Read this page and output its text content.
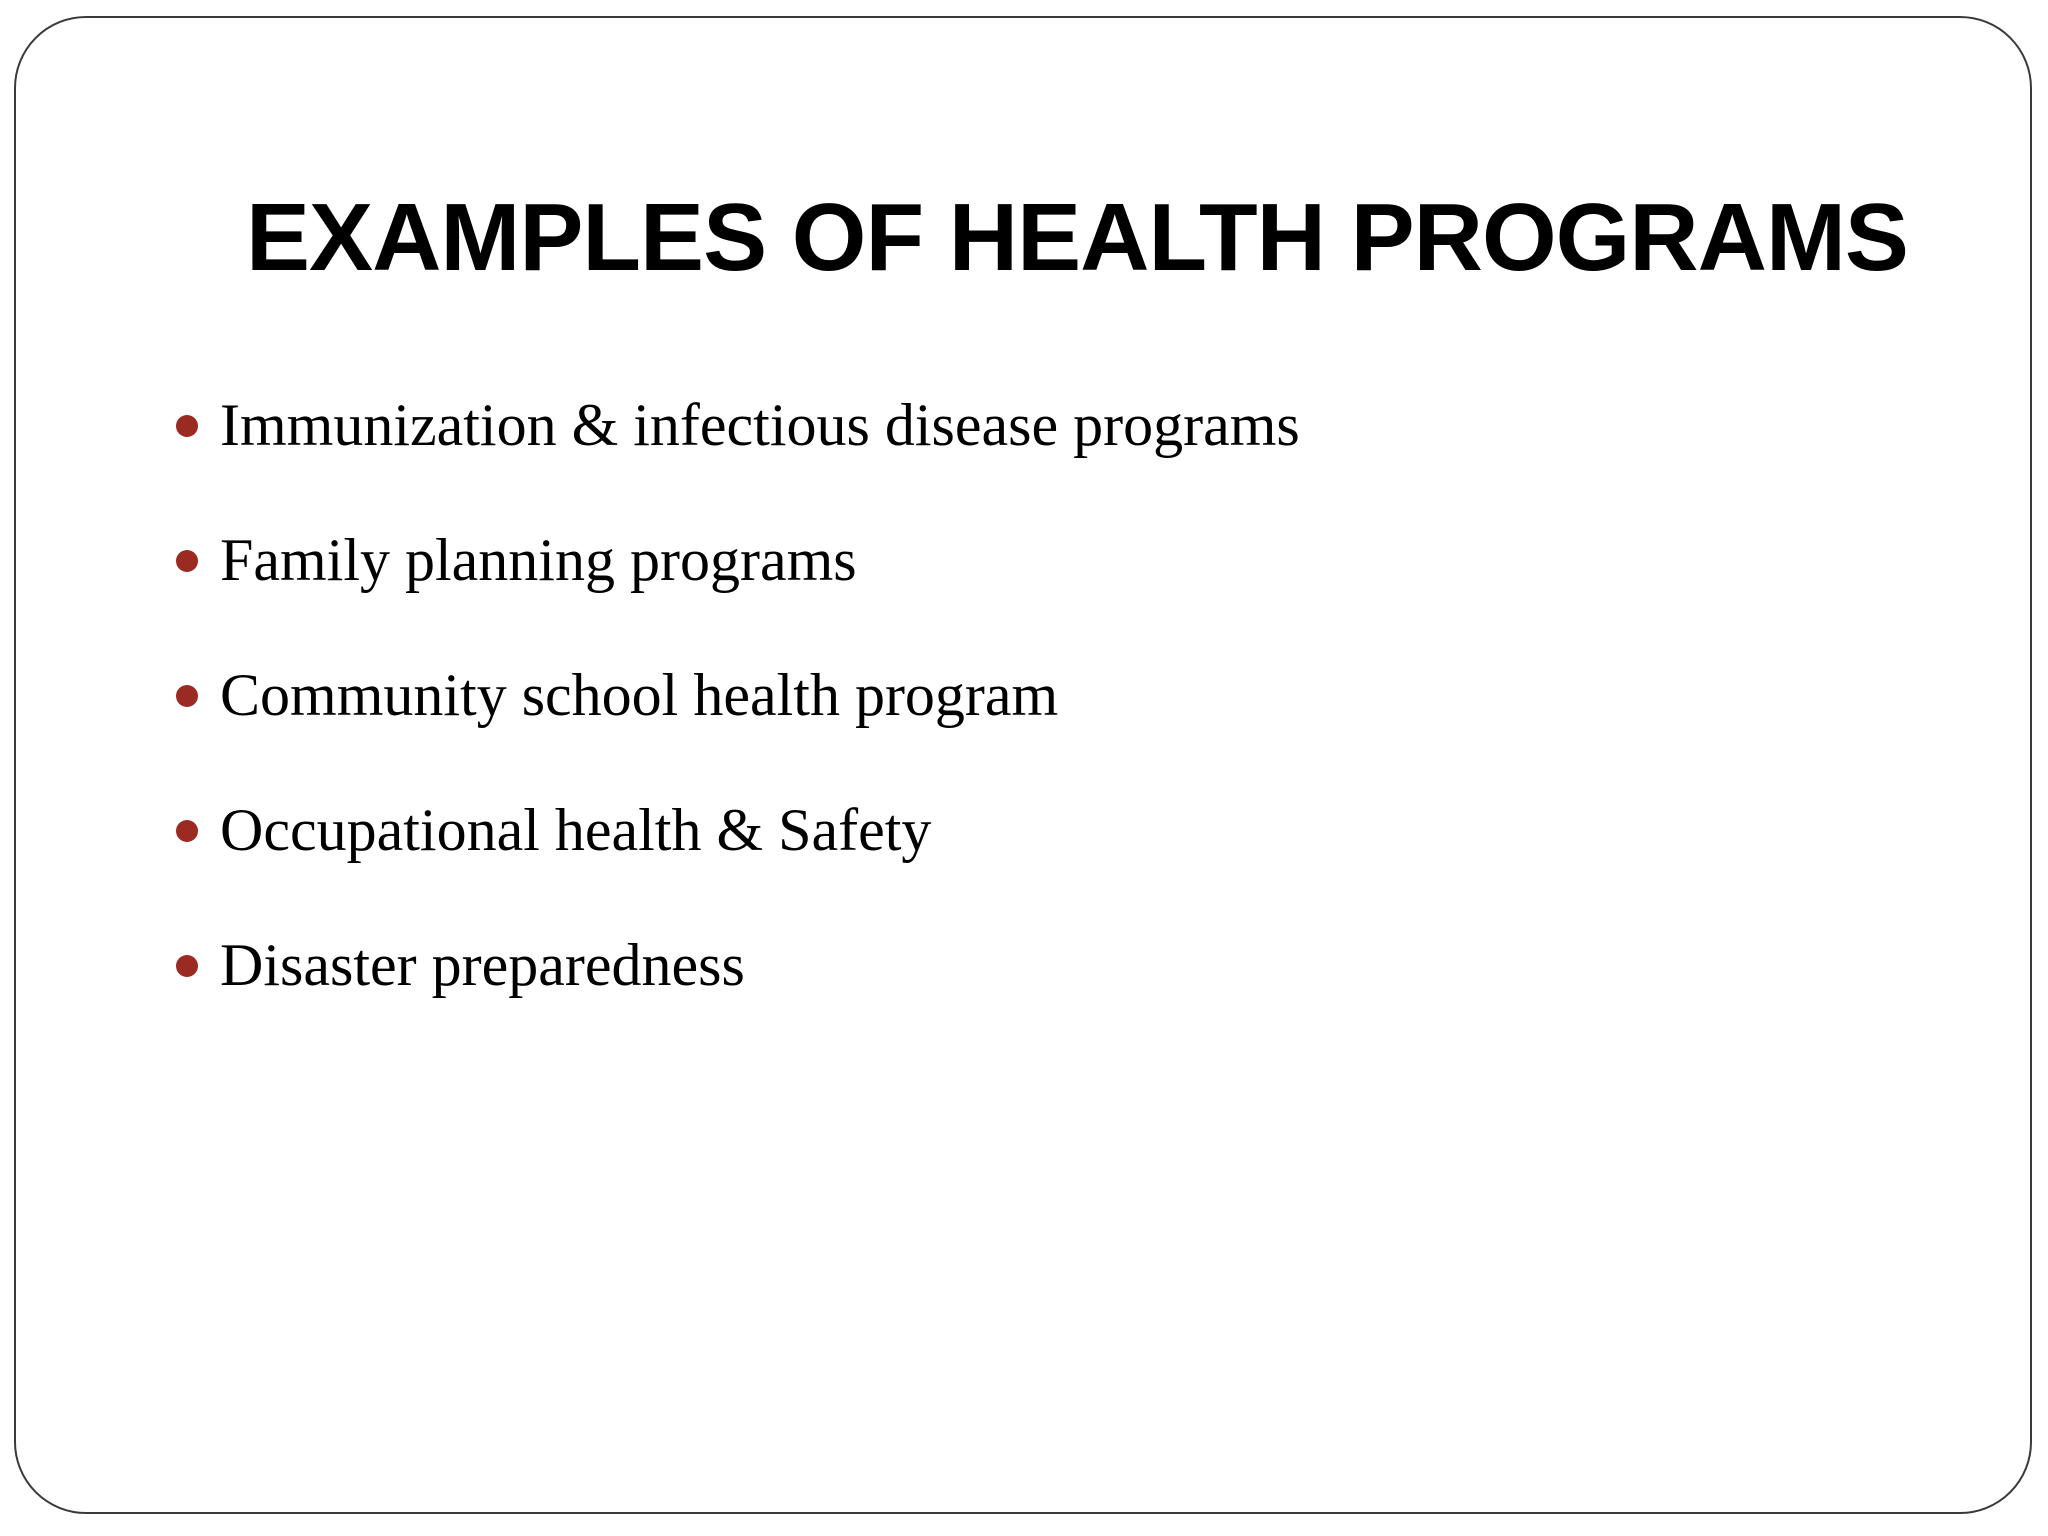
EXAMPLES OF HEALTH PROGRAMS
Immunization & infectious disease programs
Family planning programs
Community school health program
Occupational health & Safety
Disaster preparedness
